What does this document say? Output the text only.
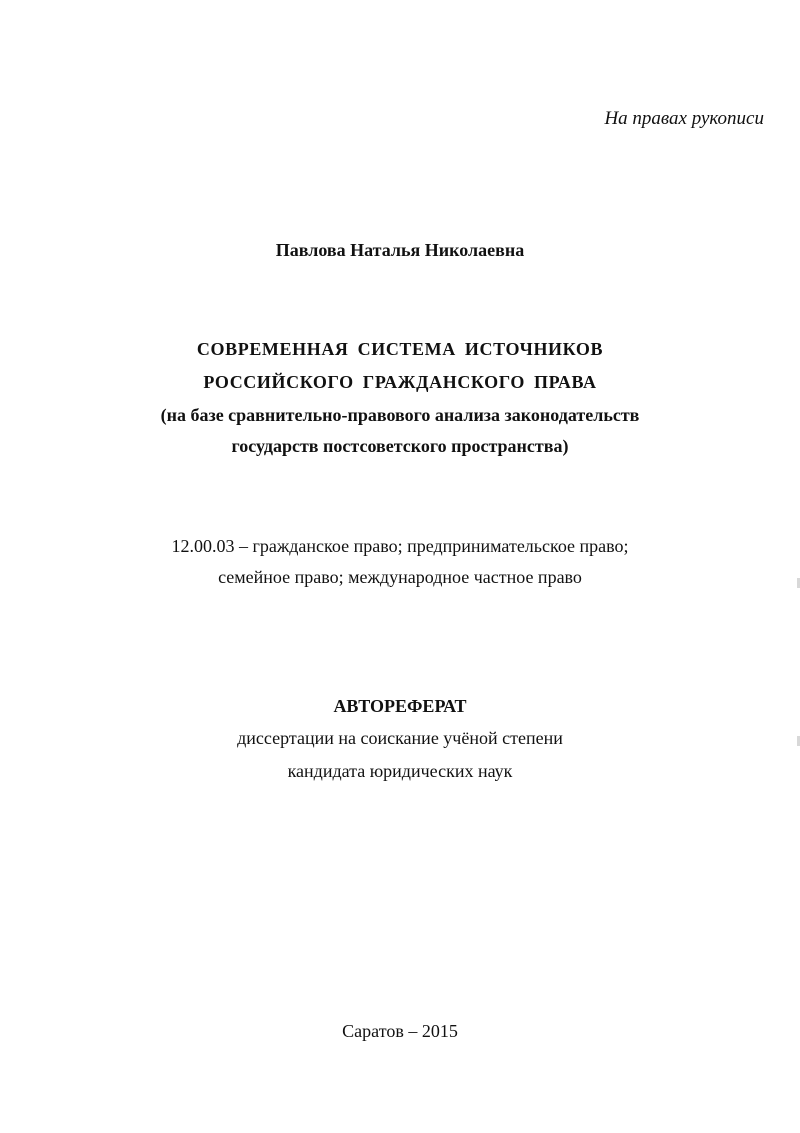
На правах рукописи
Павлова Наталья Николаевна
СОВРЕМЕННАЯ СИСТЕМА ИСТОЧНИКОВ
РОССИЙСКОГО ГРАЖДАНСКОГО ПРАВА
(на базе сравнительно-правового анализа законодательств
государств постсоветского пространства)
12.00.03 – гражданское право; предпринимательское право;
семейное право; международное частное право
АВТОРЕФЕРАТ
диссертации на соискание учёной степени
кандидата юридических наук
Саратов – 2015
